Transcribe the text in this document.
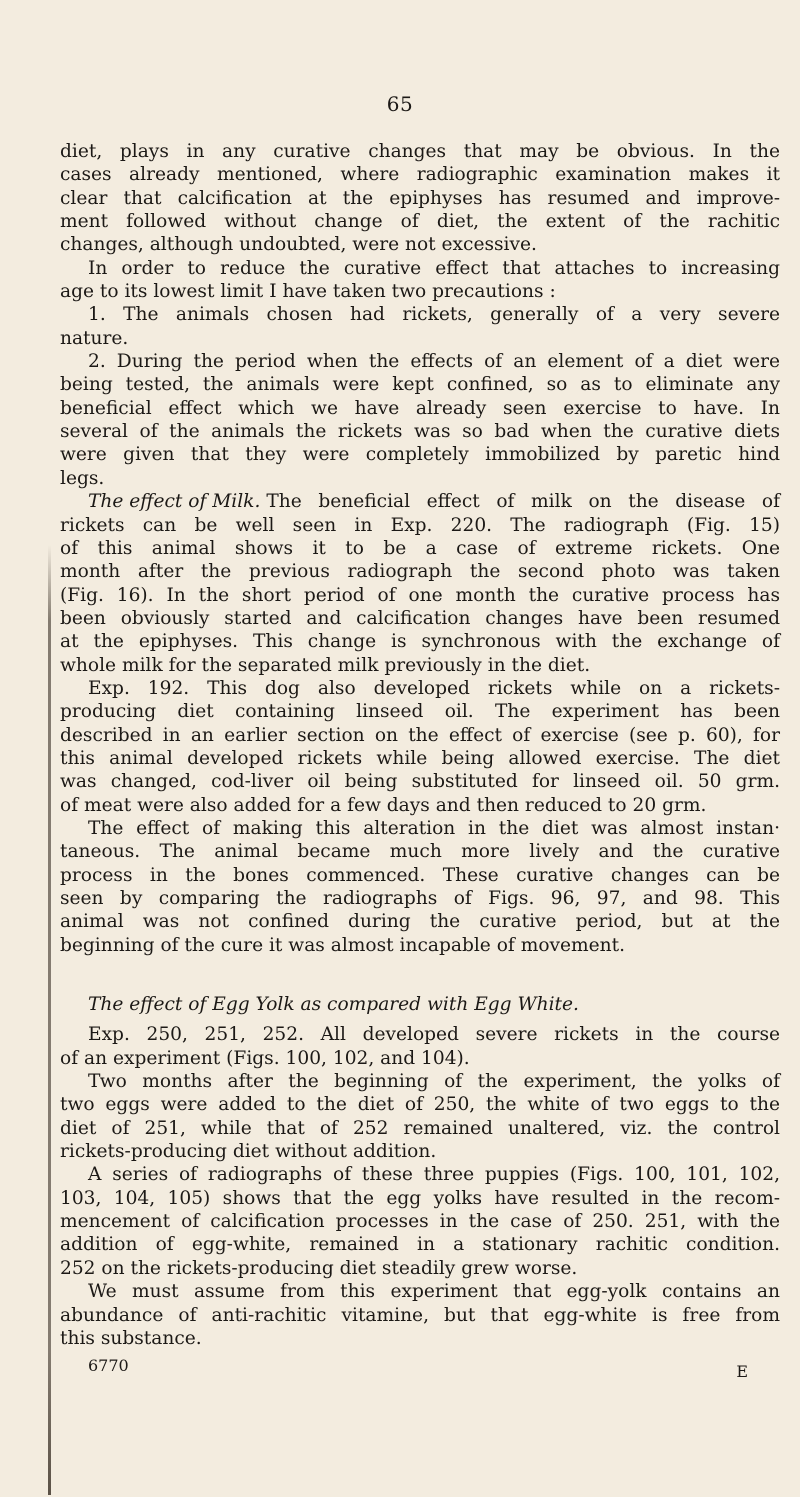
65
diet, plays in any curative changes that may be obvious. In the
cases already mentioned, where radiographic examination makes it
clear that calcification at the epiphyses has resumed and improve-
ment followed without change of diet, the extent of the rachitic
changes, although undoubted, were not excessive.
In order to reduce the curative effect that attaches to increasing
age to its lowest limit I have taken two precautions :
1. The animals chosen had rickets, generally of a very severe
nature.
2. During the period when the effects of an element of a diet were
being tested, the animals were kept confined, so as to eliminate any
beneficial effect which we have already seen exercise to have. In
several of the animals the rickets was so bad when the curative diets
were given that they were completely immobilized by paretic hind
legs.
The effect of Milk. The beneficial effect of milk on the disease of
rickets can be well seen in Exp. 220. The radiograph (Fig. 15)
of this animal shows it to be a case of extreme rickets. One
month after the previous radiograph the second photo was taken
(Fig. 16). In the short period of one month the curative process has
been obviously started and calcification changes have been resumed
at the epiphyses. This change is synchronous with the exchange of
whole milk for the separated milk previously in the diet.
Exp. 192. This dog also developed rickets while on a rickets-
producing diet containing linseed oil. The experiment has been
described in an earlier section on the effect of exercise (see p. 60), for
this animal developed rickets while being allowed exercise. The diet
was changed, cod-liver oil being substituted for linseed oil. 50 grm.
of meat were also added for a few days and then reduced to 20 grm.
The effect of making this alteration in the diet was almost instan·
taneous. The animal became much more lively and the curative
process in the bones commenced. These curative changes can be
seen by comparing the radiographs of Figs. 96, 97, and 98. This
animal was not confined during the curative period, but at the
beginning of the cure it was almost incapable of movement.
The effect of Egg Yolk as compared with Egg White.
Exp. 250, 251, 252. All developed severe rickets in the course
of an experiment (Figs. 100, 102, and 104).
Two months after the beginning of the experiment, the yolks of
two eggs were added to the diet of 250, the white of two eggs to the
diet of 251, while that of 252 remained unaltered, viz. the control
rickets-producing diet without addition.
A series of radiographs of these three puppies (Figs. 100, 101, 102,
103, 104, 105) shows that the egg yolks have resulted in the recom-
mencement of calcification processes in the case of 250. 251, with the
addition of egg-white, remained in a stationary rachitic condition.
252 on the rickets-producing diet steadily grew worse.
We must assume from this experiment that egg-yolk contains an
abundance of anti-rachitic vitamine, but that egg-white is free from
this substance.
6770	E
